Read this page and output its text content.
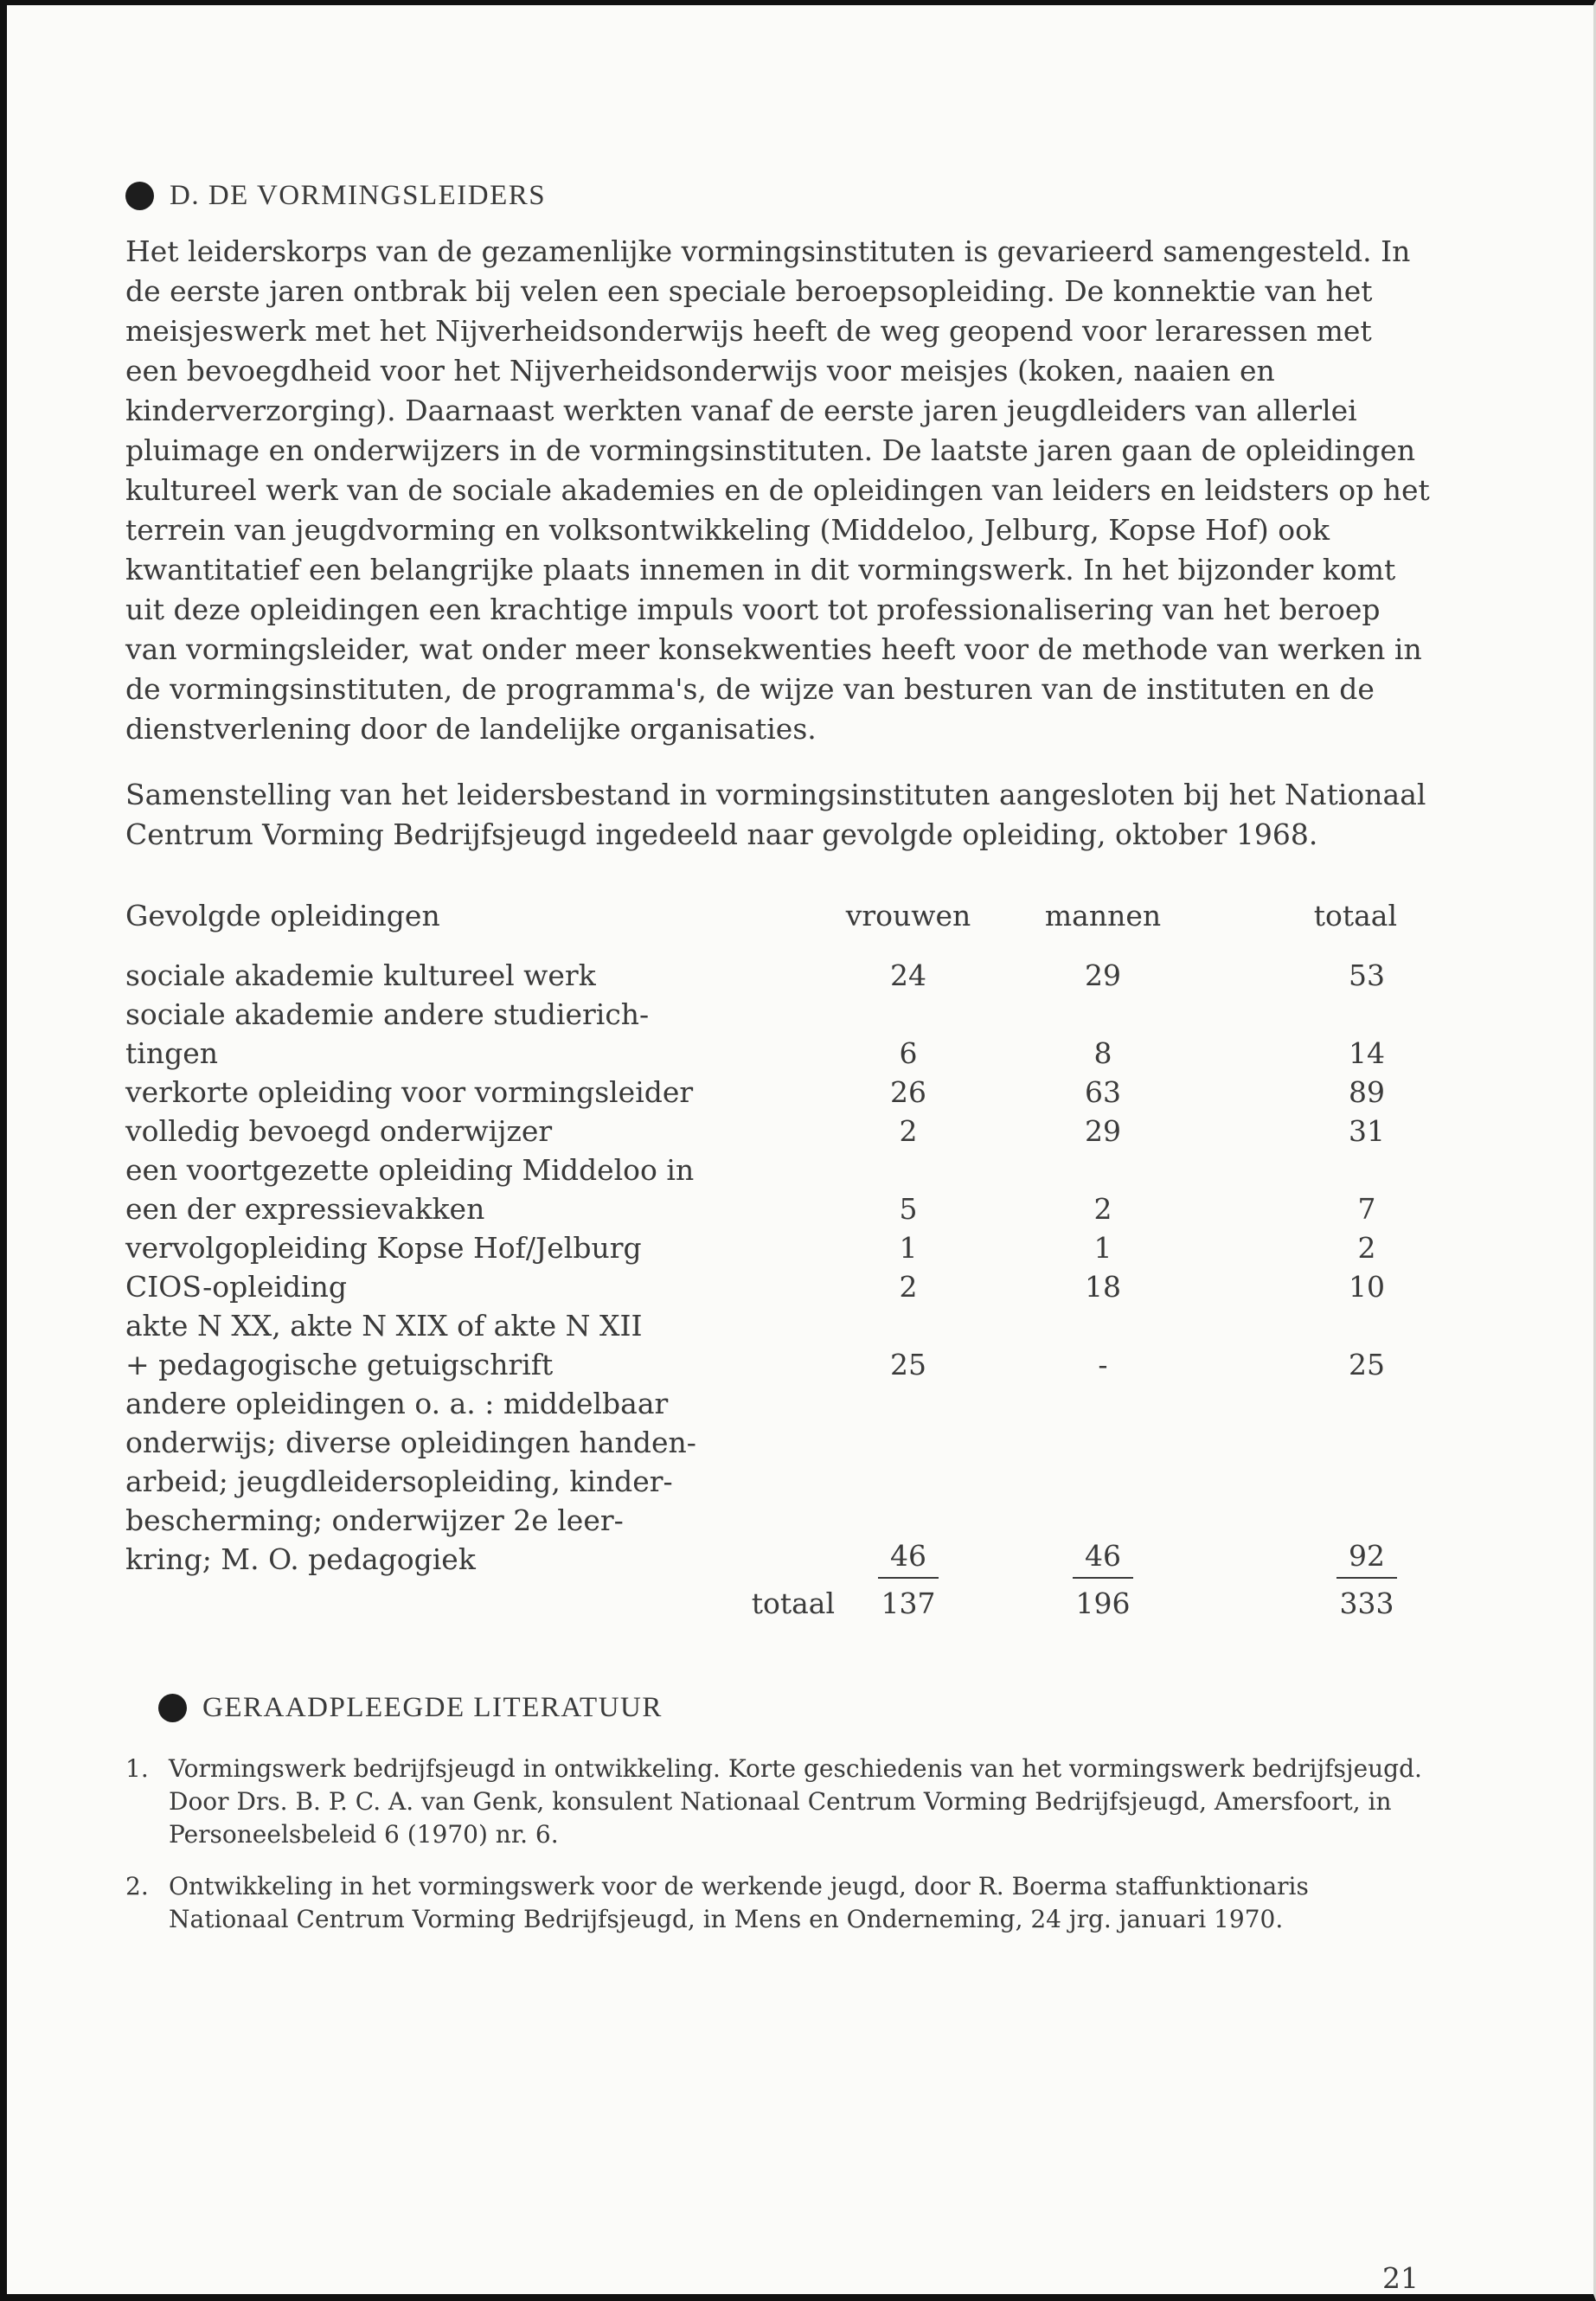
D. DE VORMINGSLEIDERS

Het leiderskorps van de gezamenlijke vormingsinstituten is gevarieerd samengesteld. In de eerste jaren ontbrak bij velen een speciale beroepsopleiding. De konnektie van het meisjeswerk met het Nijverheidsonderwijs heeft de weg geopend voor leraressen met een bevoegdheid voor het Nijverheidsonderwijs voor meisjes (koken, naaien en kinderverzorging). Daarnaast werkten vanaf de eerste jaren jeugdleiders van allerlei pluimage en onderwijzers in de vormingsinstituten. De laatste jaren gaan de opleidingen kultureel werk van de sociale akademies en de opleidingen van leiders en leidsters op het terrein van jeugdvorming en volksontwikkeling (Middeloo, Jelburg, Kopse Hof) ook kwantitatief een belangrijke plaats innemen in dit vormingswerk. In het bijzonder komt uit deze opleidingen een krachtige impuls voort tot professionalisering van het beroep van vormingsleider, wat onder meer konsekwenties heeft voor de methode van werken in de vormingsinstituten, de programma's, de wijze van besturen van de instituten en de dienstverlening door de landelijke organisaties.

Samenstelling van het leidersbestand in vormingsinstituten aangesloten bij het Nationaal Centrum Vorming Bedrijfsjeugd ingedeeld naar gevolgde opleiding, oktober 1968.

Gevolgde opleidingen	vrouwen	mannen	totaal
sociale akademie kultureel werk	24	29	53
sociale akademie andere studierich-
tingen	6	8	14
verkorte opleiding voor vormingsleider	26	63	89
volledig bevoegd onderwijzer	2	29	31
een voortgezette opleiding Middeloo in
een der expressievakken	5	2	7
vervolgopleiding Kopse Hof/Jelburg	1	1	2
CIOS-opleiding	2	18	10
akte N XX, akte N XIX of akte N XII
+ pedagogische getuigschrift	25	-	25
andere opleidingen o. a. : middelbaar
onderwijs; diverse opleidingen handen-
arbeid; jeugdleidersopleiding, kinder-
bescherming; onderwijzer 2e leer-
kring; M. O. pedagogiek	46	46	92
totaal	137	196	333
GERAADPLEEGDE LITERATUUR
1. Vormingswerk bedrijfsjeugd in ontwikkeling. Korte geschiedenis van het vormingswerk bedrijfsjeugd. Door Drs. B. P. C. A. van Genk, konsulent Nationaal Centrum Vorming Bedrijfsjeugd, Amersfoort, in Personeelsbeleid 6 (1970) nr. 6.
2. Ontwikkeling in het vormingswerk voor de werkende jeugd, door R. Boerma staffunktionaris Nationaal Centrum Vorming Bedrijfsjeugd, in Mens en Onderneming, 24 jrg. januari 1970.
21
